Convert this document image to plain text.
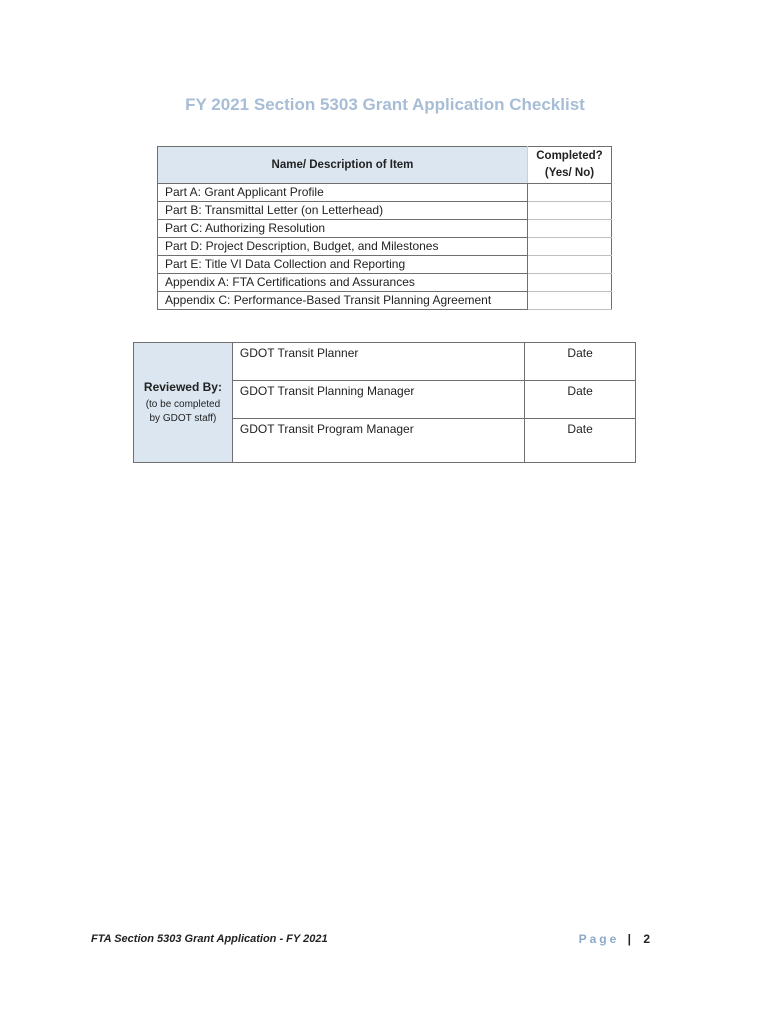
FY 2021 Section 5303 Grant Application Checklist
Name/ Description of Item	Completed?
(Yes/ No)
Part A: Grant Applicant Profile	
Part B: Transmittal Letter (on Letterhead)	
Part C: Authorizing Resolution	
Part D: Project Description, Budget, and Milestones	
Part E: Title VI Data Collection and Reporting	
Appendix A: FTA Certifications and Assurances	
Appendix C: Performance-Based Transit Planning Agreement	
Reviewed By:
(to be completed
by GDOT staff)	GDOT Transit Planner	Date
	GDOT Transit Planning Manager	Date
	GDOT Transit Program Manager	Date
FTA Section 5303 Grant Application - FY 2021	Page | 2
